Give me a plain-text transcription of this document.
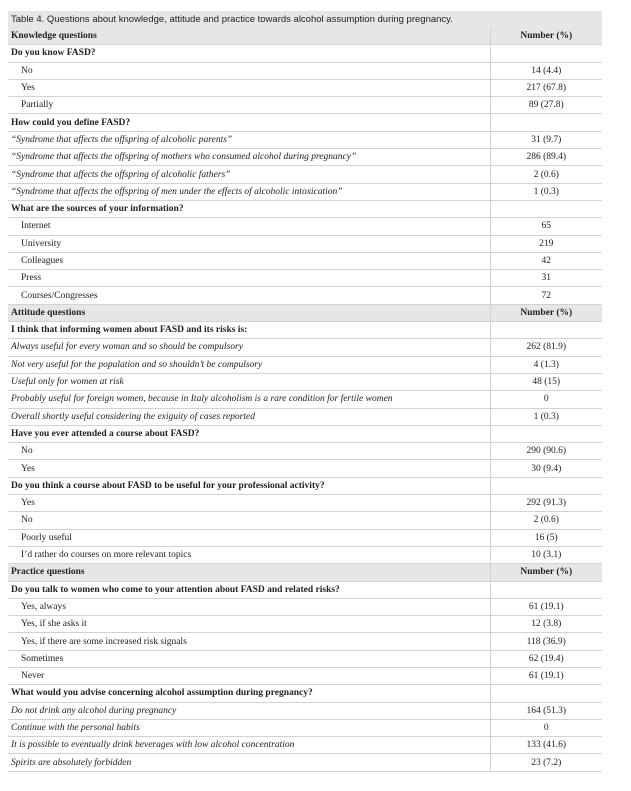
Table 4. Questions about knowledge, attitude and practice towards alcohol assumption during pregnancy.
Knowledge questions	Number (%)
Do you know FASD?	
No	14 (4.4)
Yes	217 (67.8)
Partially	89 (27.8)
How could you define FASD?	
“Syndrome that affects the offspring of alcoholic parents”	31 (9.7)
“Syndrome that affects the offspring of mothers who consumed alcohol during pregnancy”	286 (89.4)
“Syndrome that affects the offspring of alcoholic fathers”	2 (0.6)
“Syndrome that affects the offspring of men under the effects of alcoholic intoxication”	1 (0.3)
What are the sources of your information?	
Internet	65
University	219
Colleagues	42
Press	31
Courses/Congresses	72
Attitude questions	Number (%)
I think that informing women about FASD and its risks is:	
Always useful for every woman and so should be compulsory	262 (81.9)
Not very useful for the population and so shouldn’t be compulsory	4 (1.3)
Useful only for women at risk	48 (15)
Probably useful for foreign women, because in Italy alcoholism is a rare condition for fertile women	0
Overall shortly useful considering the exiguity of cases reported	1 (0.3)
Have you ever attended a course about FASD?	
No	290 (90.6)
Yes	30 (9.4)
Do you think a course about FASD to be useful for your professional activity?	
Yes	292 (91.3)
No	2 (0.6)
Poorly useful	16 (5)
I’d rather do courses on more relevant topics	10 (3.1)
Practice questions	Number (%)
Do you talk to women who come to your attention about FASD and related risks?	
Yes, always	61 (19.1)
Yes, if she asks it	12 (3.8)
Yes, if there are some increased risk signals	118 (36.9)
Sometimes	62 (19.4)
Never	61 (19.1)
What would you advise concerning alcohol assumption during pregnancy?	
Do not drink any alcohol during pregnancy	164 (51.3)
Continue with the personal habits	0
It is possible to eventually drink beverages with low alcohol concentration	133 (41.6)
Spirits are absolutely forbidden	23 (7.2)
